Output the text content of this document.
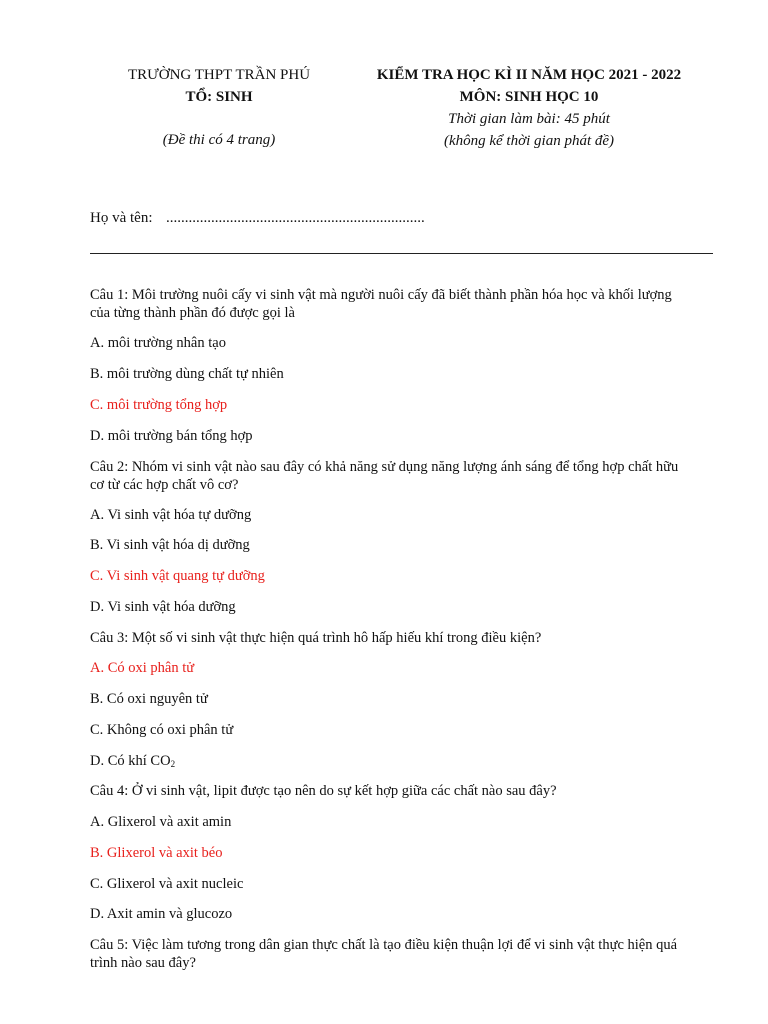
TRƯỜNG THPT TRẦN PHÚ
TỔ: SINH
(Đề thi có 4 trang)
KIỂM TRA HỌC KÌ II NĂM HỌC 2021 - 2022
MÔN: SINH HỌC 10
Thời gian làm bài: 45 phút
(không kể thời gian phát đề)
Họ và tên: .....................................................................
Câu 1: Môi trường nuôi cấy vi sinh vật mà người nuôi cấy đã biết thành phần hóa học và khối lượng của từng thành phần đó được gọi là
A. môi trường nhân tạo
B. môi trường dùng chất tự nhiên
C. môi trường tổng hợp
D. môi trường bán tổng hợp
Câu 2: Nhóm vi sinh vật nào sau đây có khả năng sử dụng năng lượng ánh sáng để tổng hợp chất hữu cơ từ các hợp chất vô cơ?
A. Vi sinh vật hóa tự dưỡng
B. Vi sinh vật hóa dị dưỡng
C. Vi sinh vật quang tự dưỡng
D. Vi sinh vật hóa dưỡng
Câu 3: Một số vi sinh vật thực hiện quá trình hô hấp hiếu khí trong điều kiện?
A. Có oxi phân tử
B. Có oxi nguyên tử
C. Không có oxi phân tử
D. Có khí $CO_2$
Câu 4: Ở vi sinh vật, lipit được tạo nên do sự kết hợp giữa các chất nào sau đây?
A. Glixerol và axit amin
B. Glixerol và axit béo
C. Glixerol và axit nucleic
D. Axit amin và glucozo
Câu 5: Việc làm tương trong dân gian thực chất là tạo điều kiện thuận lợi để vi sinh vật thực hiện quá trình nào sau đây?
